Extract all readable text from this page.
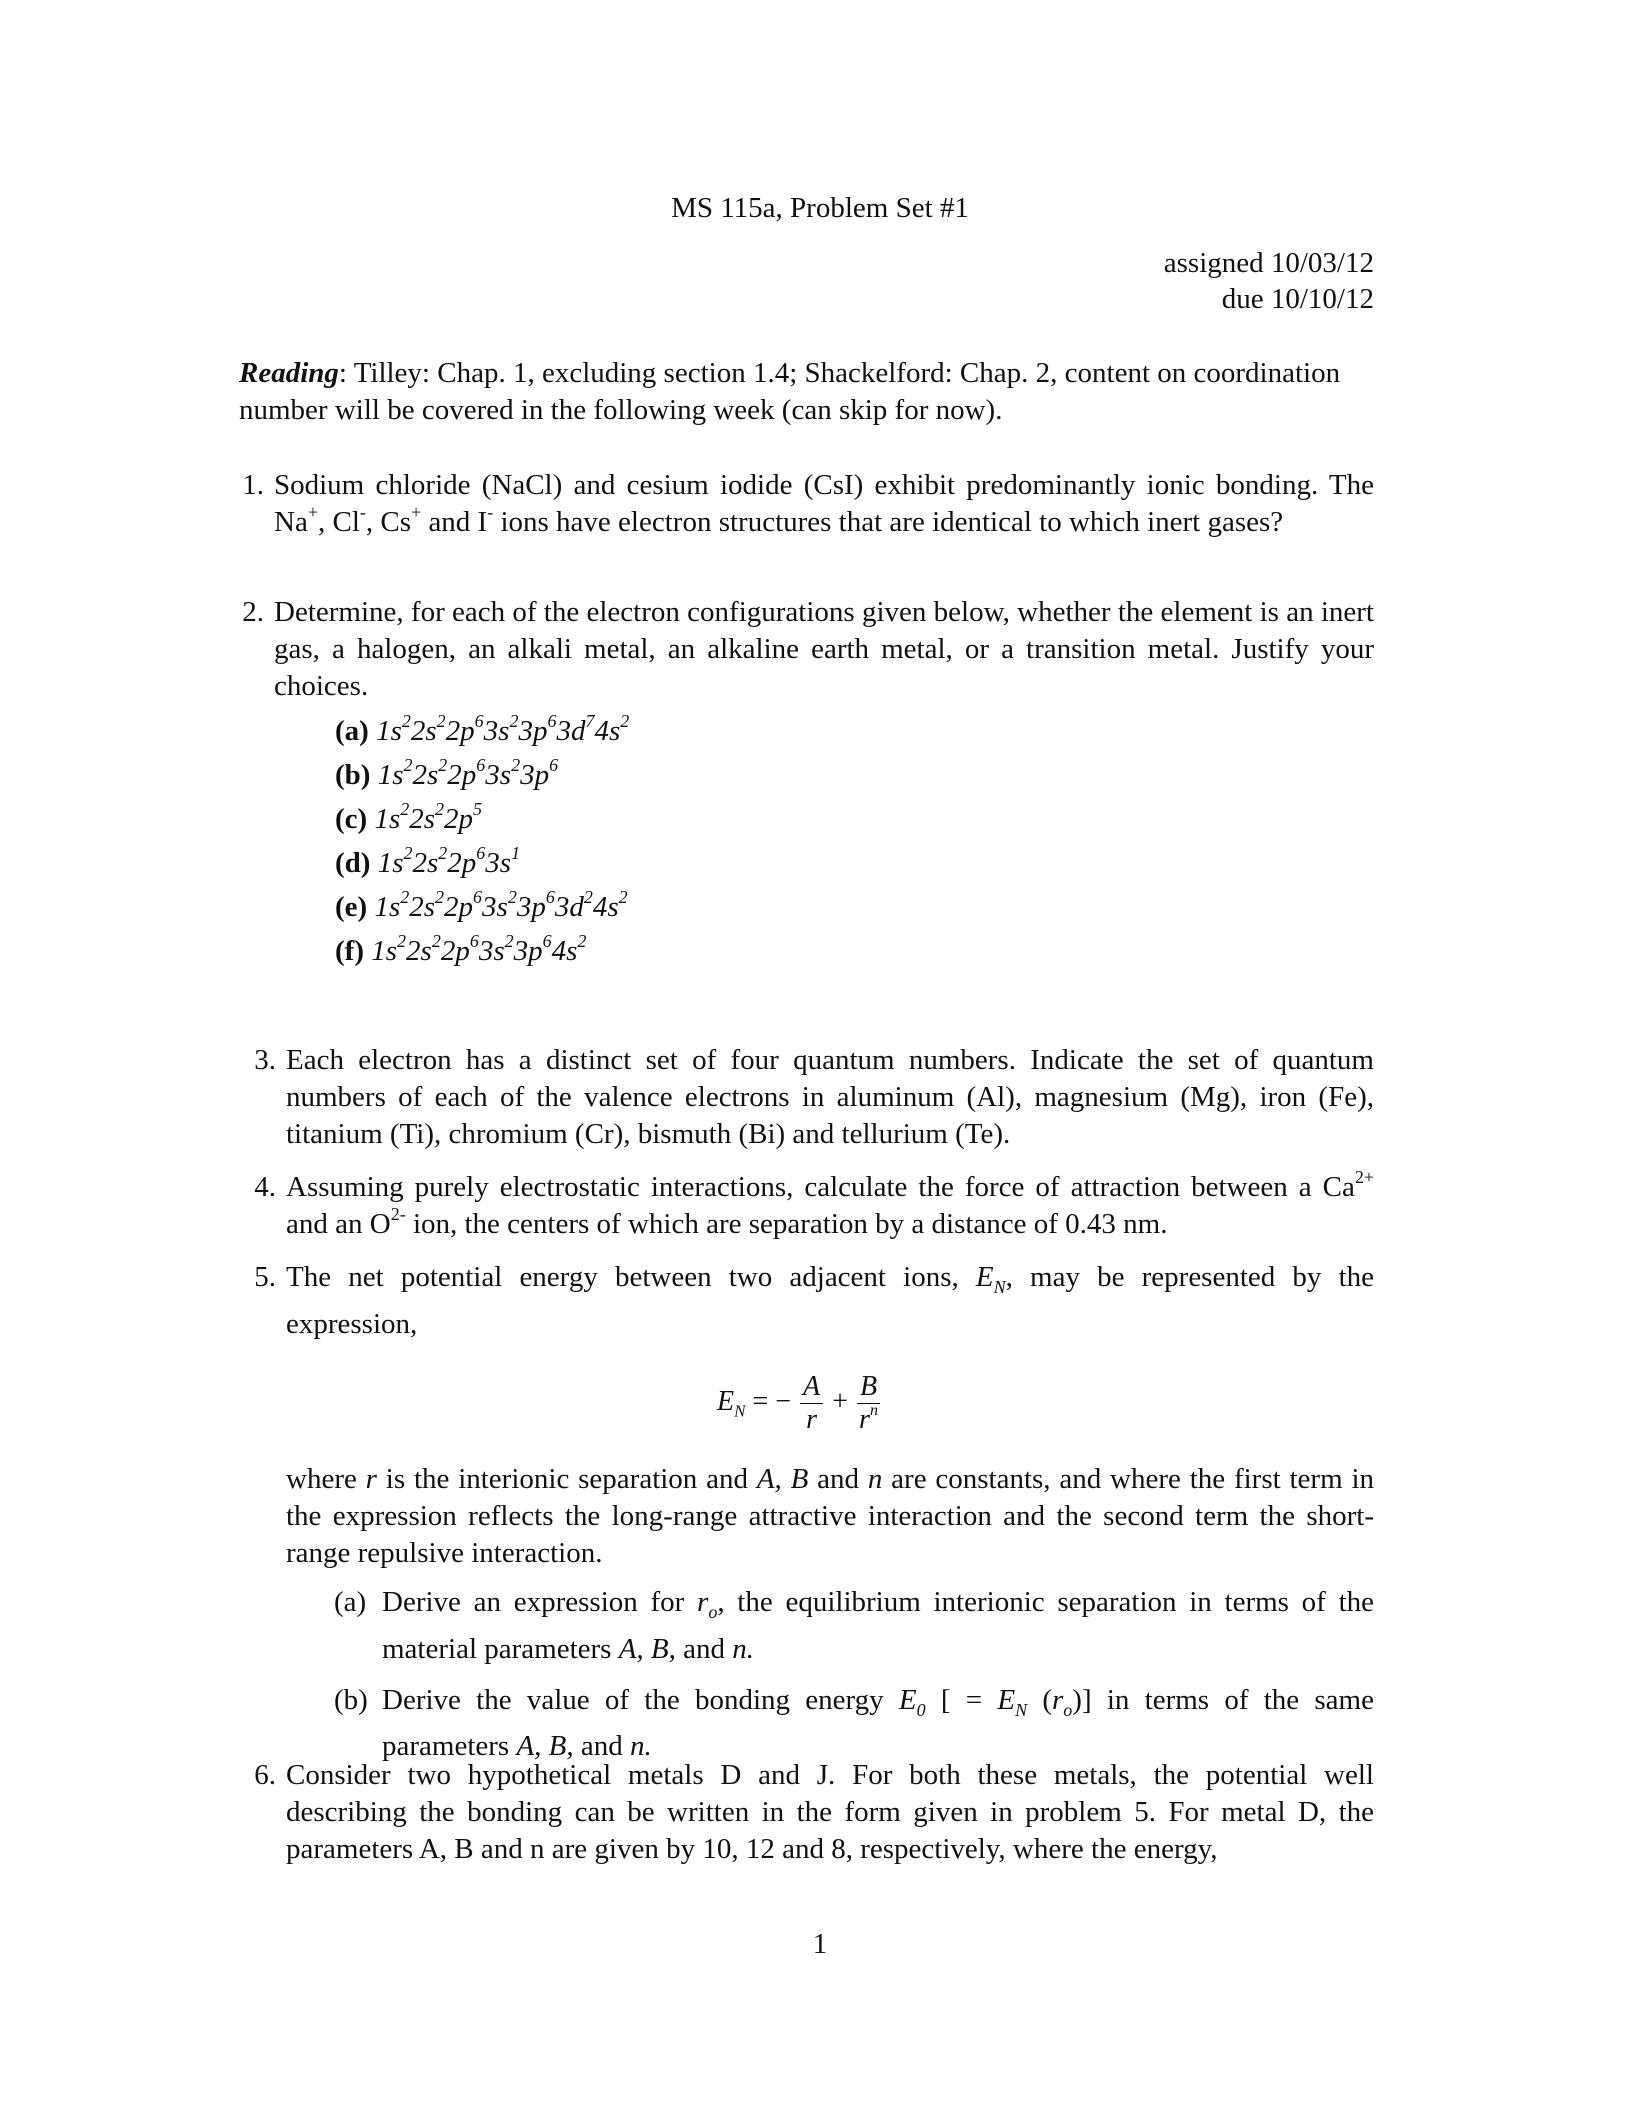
MS 115a, Problem Set #1
assigned 10/03/12
due 10/10/12
Reading: Tilley: Chap. 1, excluding section 1.4; Shackelford: Chap. 2, content on coordination number will be covered in the following week (can skip for now).
1. Sodium chloride (NaCl) and cesium iodide (CsI) exhibit predominantly ionic bonding. The Na+, Cl-, Cs+ and I- ions have electron structures that are identical to which inert gases?
2. Determine, for each of the electron configurations given below, whether the element is an inert gas, a halogen, an alkali metal, an alkaline earth metal, or a transition metal. Justify your choices.
(a) $1s^22s^22p^63s^23p^63d^74s^2$
(b) $1s^22s^22p^63s^23p^6$
(c) $1s^22s^22p^5$
(d) $1s^22s^22p^63s^1$
(e) $1s^22s^22p^63s^23p^63d^24s^2$
(f) $1s^22s^22p^63s^23p^64s^2$
3. Each electron has a distinct set of four quantum numbers. Indicate the set of quantum numbers of each of the valence electrons in aluminum (Al), magnesium (Mg), iron (Fe), titanium (Ti), chromium (Cr), bismuth (Bi) and tellurium (Te).
4. Assuming purely electrostatic interactions, calculate the force of attraction between a $Ca^{2+}$ and an $O^{2-}$ ion, the centers of which are separation by a distance of 0.43 nm.
5. The net potential energy between two adjacent ions, $E_N$, may be represented by the expression,
$E_N$ = − $\frac{A}{r} + \frac{B}{r^n}$
where r is the interionic separation and A, B and n are constants, and where the first term in the expression reflects the long-range attractive interaction and the second term the short-range repulsive interaction.
(a) Derive an expression for $r_o$, the equilibrium interionic separation in terms of the material parameters A, B, and n.
(b) Derive the value of the bonding energy $E_0$ [ = $E_N$ $(r_o)$] in terms of the same parameters A, B, and n.
6. Consider two hypothetical metals D and J. For both these metals, the potential well describing the bonding can be written in the form given in problem 5. For metal D, the parameters A, B and n are given by 10, 12 and 8, respectively, where the energy,
1
